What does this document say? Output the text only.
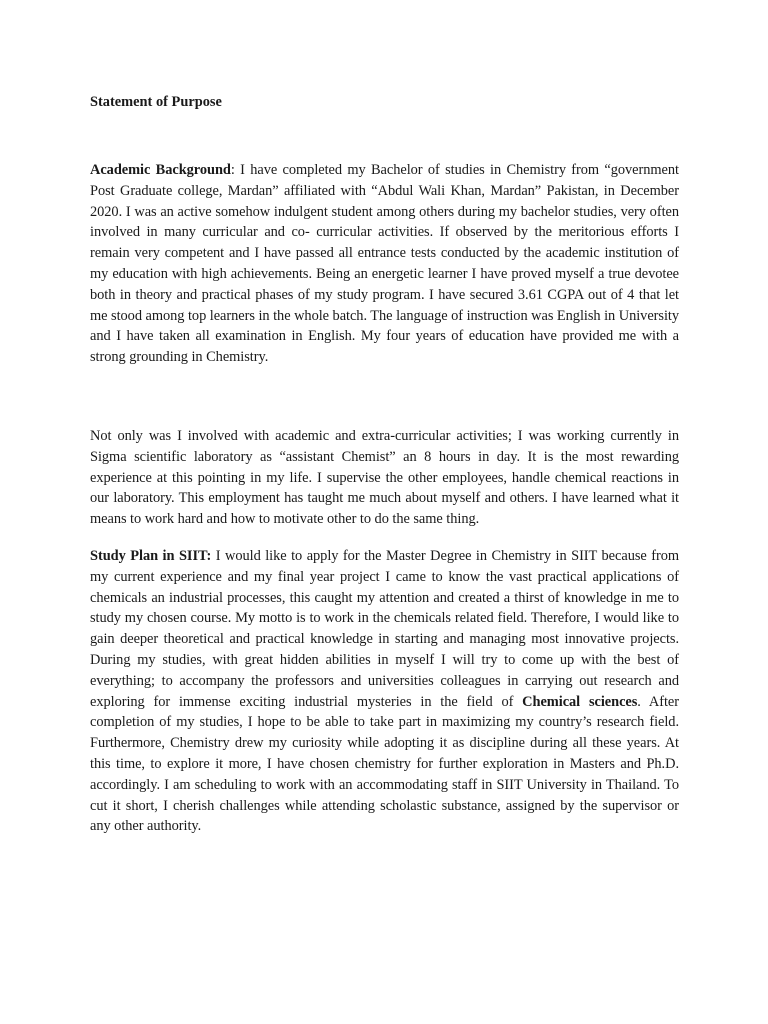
Statement of Purpose

Academic Background: I have completed my Bachelor of studies in Chemistry from “government Post Graduate college, Mardan” affiliated with “Abdul Wali Khan, Mardan” Pakistan, in December 2020. I was an active somehow indulgent student among others during my bachelor studies, very often involved in many curricular and co- curricular activities. If observed by the meritorious efforts I remain very competent and I have passed all entrance tests conducted by the academic institution of my education with high achievements. Being an energetic learner I have proved myself a true devotee both in theory and practical phases of my study program. I have secured 3.61 CGPA out of 4 that let me stood among top learners in the whole batch. The language of instruction was English in University and I have taken all examination in English. My four years of education have provided me with a strong grounding in Chemistry.

Not only was I involved with academic and extra-curricular activities; I was working currently in Sigma scientific laboratory as “assistant Chemist” an 8 hours in day. It is the most rewarding experience at this pointing in my life. I supervise the other employees, handle chemical reactions in our laboratory. This employment has taught me much about myself and others. I have learned what it means to work hard and how to motivate other to do the same thing.

Study Plan in SIIT: I would like to apply for the Master Degree in Chemistry in SIIT because from my current experience and my final year project I came to know the vast practical applications of chemicals an industrial processes, this caught my attention and created a thirst of knowledge in me to study my chosen course. My motto is to work in the chemicals related field. Therefore, I would like to gain deeper theoretical and practical knowledge in starting and managing most innovative projects. During my studies, with great hidden abilities in myself I will try to come up with the best of everything; to accompany the professors and universities colleagues in carrying out research and exploring for immense exciting industrial mysteries in the field of Chemical sciences. After completion of my studies, I hope to be able to take part in maximizing my country’s research field. Furthermore, Chemistry drew my curiosity while adopting it as discipline during all these years. At this time, to explore it more, I have chosen chemistry for further exploration in Masters and Ph.D. accordingly. I am scheduling to work with an accommodating staff in SIIT University in Thailand. To cut it short, I cherish challenges while attending scholastic substance, assigned by the supervisor or any other authority.
